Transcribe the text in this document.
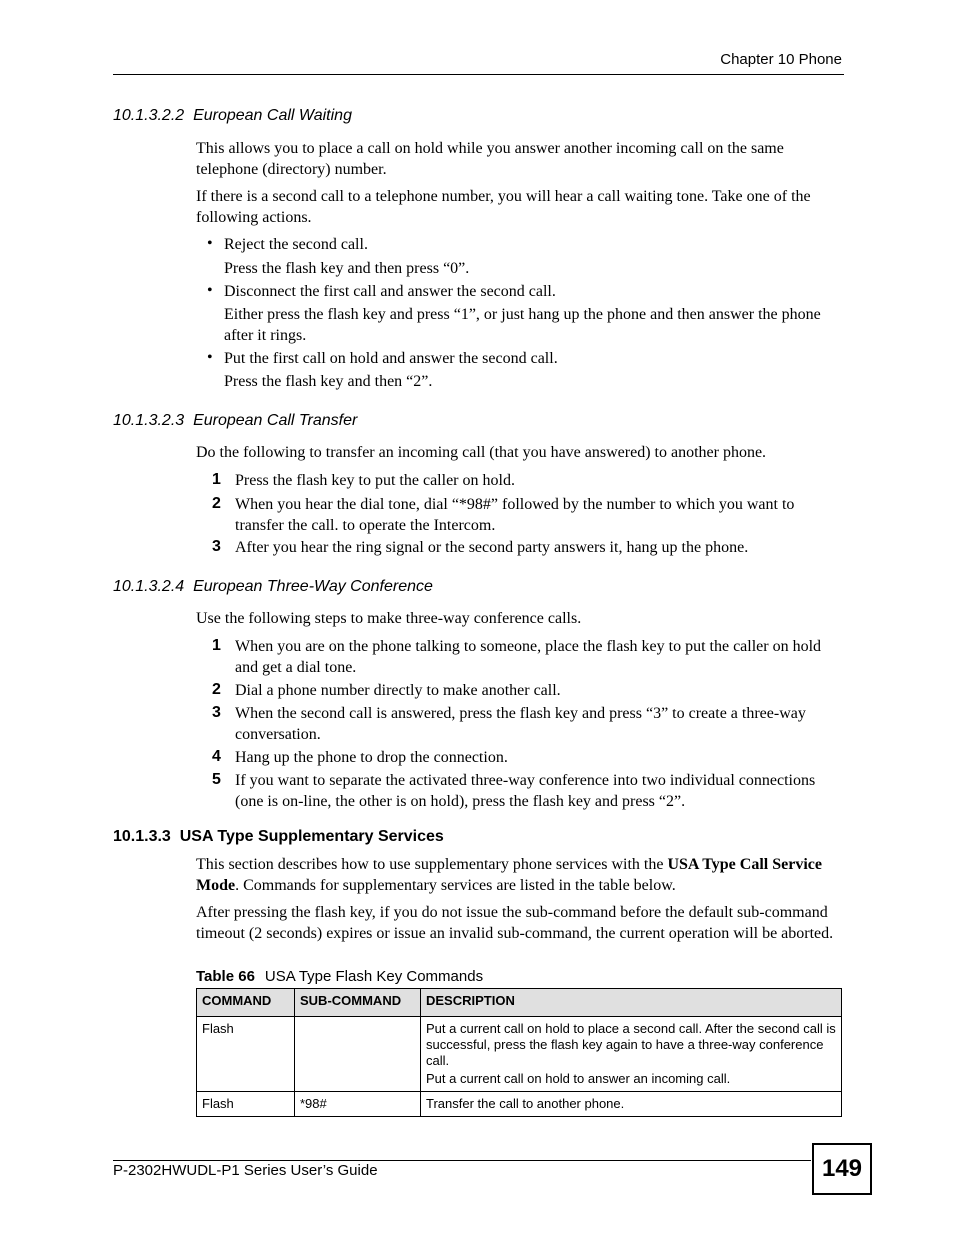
Chapter 10 Phone
10.1.3.2.2 European Call Waiting
This allows you to place a call on hold while you answer another incoming call on the same telephone (directory) number.
If there is a second call to a telephone number, you will hear a call waiting tone. Take one of the following actions.
• Reject the second call.
Press the flash key and then press “0”.
• Disconnect the first call and answer the second call.
Either press the flash key and press “1”, or just hang up the phone and then answer the phone after it rings.
• Put the first call on hold and answer the second call.
Press the flash key and then “2”.
10.1.3.2.3 European Call Transfer
Do the following to transfer an incoming call (that you have answered) to another phone.
1 Press the flash key to put the caller on hold.
2 When you hear the dial tone, dial “*98#” followed by the number to which you want to transfer the call. to operate the Intercom.
3 After you hear the ring signal or the second party answers it, hang up the phone.
10.1.3.2.4 European Three-Way Conference
Use the following steps to make three-way conference calls.
1 When you are on the phone talking to someone, place the flash key to put the caller on hold and get a dial tone.
2 Dial a phone number directly to make another call.
3 When the second call is answered, press the flash key and press “3” to create a three-way conversation.
4 Hang up the phone to drop the connection.
5 If you want to separate the activated three-way conference into two individual connections (one is on-line, the other is on hold), press the flash key and press “2”.
10.1.3.3 USA Type Supplementary Services
This section describes how to use supplementary phone services with the USA Type Call Service Mode. Commands for supplementary services are listed in the table below.
After pressing the flash key, if you do not issue the sub-command before the default sub-command timeout (2 seconds) expires or issue an invalid sub-command, the current operation will be aborted.
Table 66 USA Type Flash Key Commands
COMMAND	SUB-COMMAND	DESCRIPTION
Flash		Put a current call on hold to place a second call. After the second call is successful, press the flash key again to have a three-way conference call.

Put a current call on hold to answer an incoming call.

Flash	*98#	Transfer the call to another phone.

P-2302HWUDL-P1 Series User’s Guide	149
